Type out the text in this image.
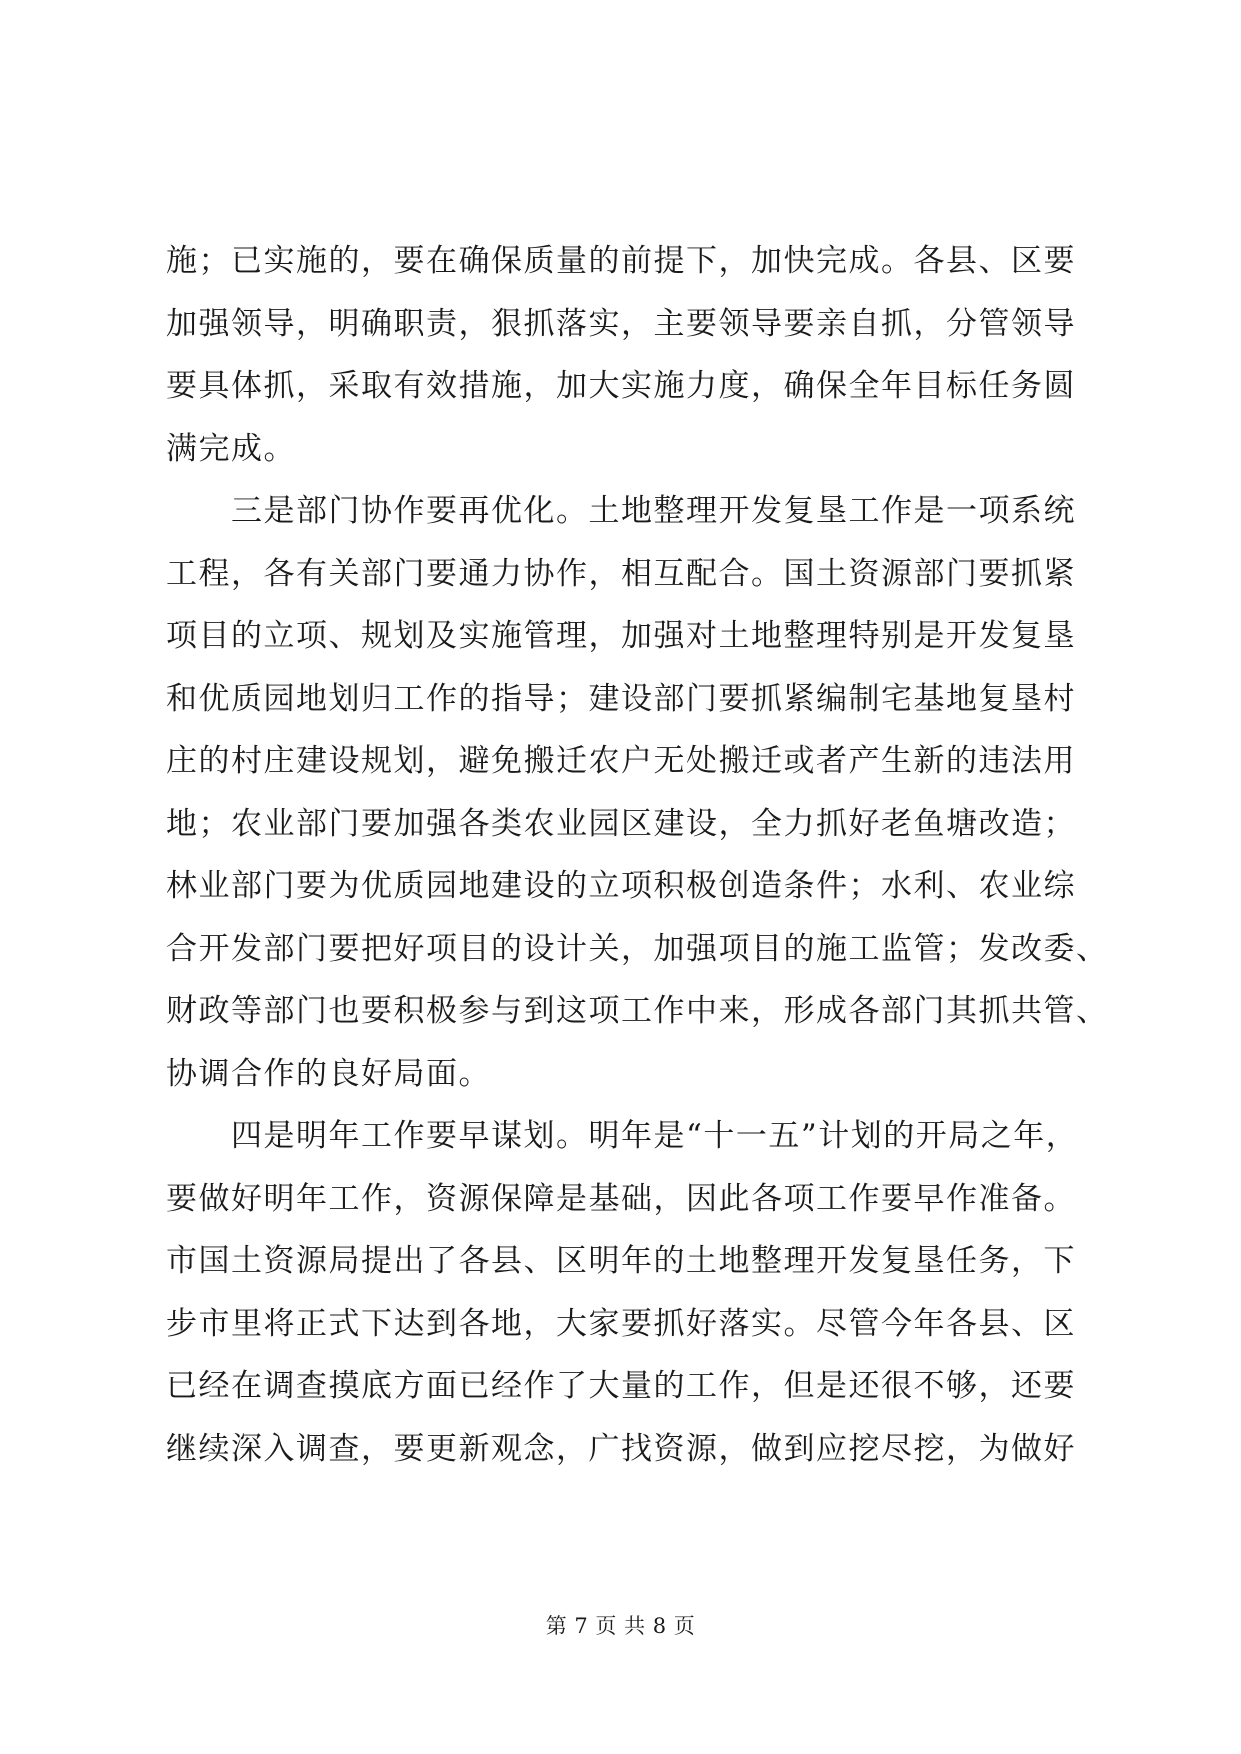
施；已实施的，要在确保质量的前提下，加快完成。各县、区要
加强领导，明确职责，狠抓落实，主要领导要亲自抓，分管领导
要具体抓，采取有效措施，加大实施力度，确保全年目标任务圆
满完成。
　　三是部门协作要再优化。土地整理开发复垦工作是一项系统
工程，各有关部门要通力协作，相互配合。国土资源部门要抓紧
项目的立项、规划及实施管理，加强对土地整理特别是开发复垦
和优质园地划归工作的指导；建设部门要抓紧编制宅基地复垦村
庄的村庄建设规划，避免搬迁农户无处搬迁或者产生新的违法用
地；农业部门要加强各类农业园区建设，全力抓好老鱼塘改造；
林业部门要为优质园地建设的立项积极创造条件；水利、农业综
合开发部门要把好项目的设计关，加强项目的施工监管；发改委、
财政等部门也要积极参与到这项工作中来，形成各部门其抓共管、
协调合作的良好局面。
　　四是明年工作要早谋划。明年是“十一五”计划的开局之年，
要做好明年工作，资源保障是基础，因此各项工作要早作准备。
市国土资源局提出了各县、区明年的土地整理开发复垦任务，下
步市里将正式下达到各地，大家要抓好落实。尽管今年各县、区
已经在调查摸底方面已经作了大量的工作，但是还很不够，还要
继续深入调查，要更新观念，广找资源，做到应挖尽挖，为做好
第 7 页 共 8 页
